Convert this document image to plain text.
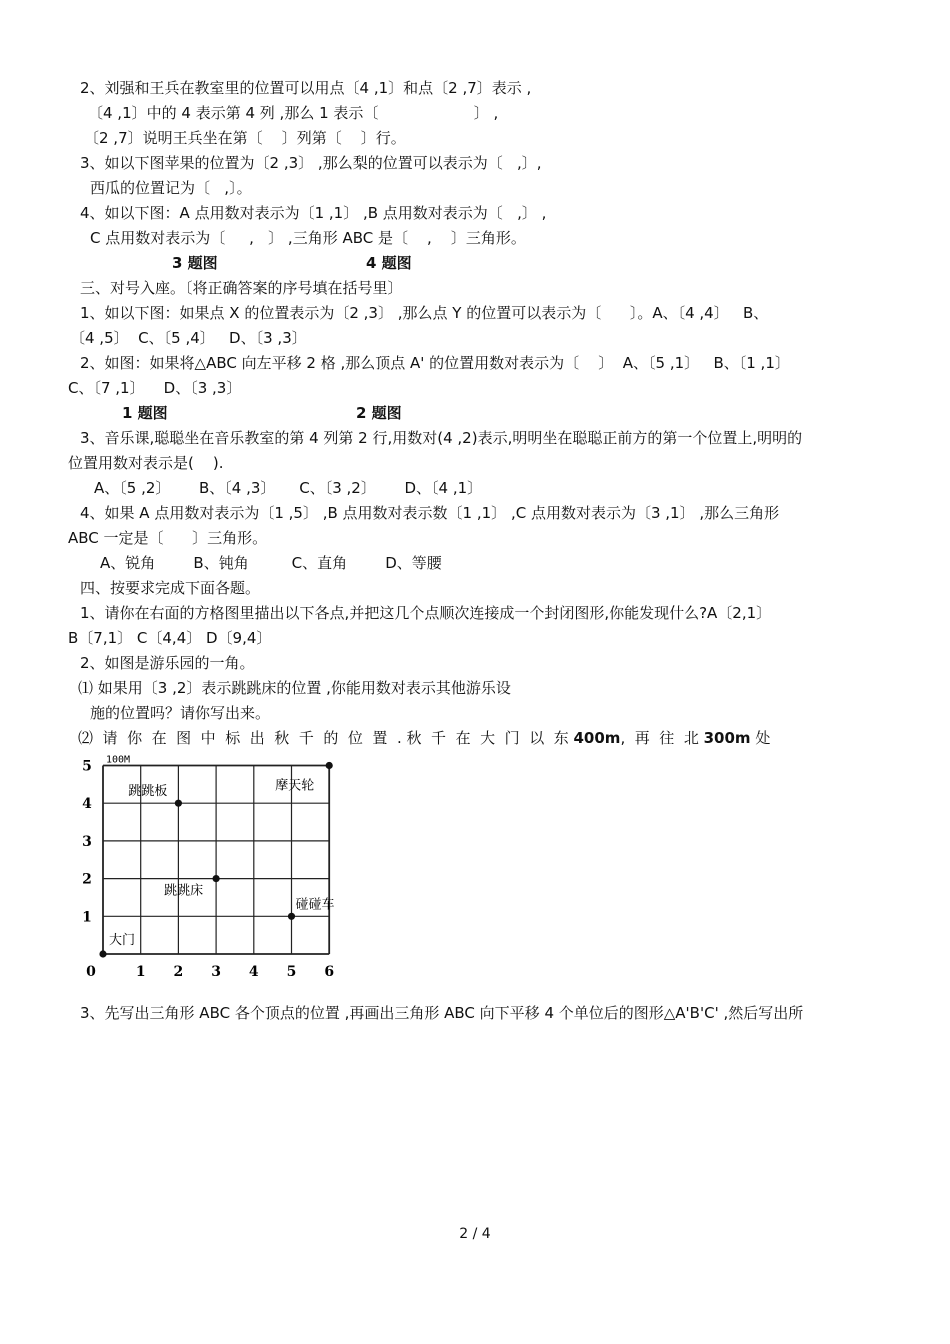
2、刘强和王兵在教室里的位置可以用点〔4 ,1〕和点〔2 ,7〕表示 ,
〔4 ,1〕中的 4 表示第 4 列 ,那么 1 表示〔                    〕 ,
〔2 ,7〕说明王兵坐在第〔    〕列第〔    〕行。
3、如以下图苹果的位置为〔2 ,3〕 ,那么梨的位置可以表示为〔   ,〕,
西瓜的位置记为〔   ,〕。
4、如以下图：A 点用数对表示为〔1 ,1〕 ,B 点用数对表示为〔   ,〕 ,
C 点用数对表示为〔     ,   〕 ,三角形 ABC 是〔    ,    〕三角形。
3 题图	4 题图
三、对号入座。〔将正确答案的序号填在括号里〕
1、如以下图：如果点 X 的位置表示为〔2 ,3〕 ,那么点 Y 的位置可以表示为〔      〕。A、〔4 ,4〕   B、
〔4 ,5〕  C、〔5 ,4〕   D、〔3 ,3〕
2、如图：如果将△ABC 向左平移 2 格 ,那么顶点 A' 的位置用数对表示为〔    〕  A、〔5 ,1〕   B、〔1 ,1〕
C、〔7 ,1〕    D、〔3 ,3〕
1 题图	2 题图
3、音乐课,聪聪坐在音乐教室的第 4 列第 2 行,用数对(4 ,2)表示,明明坐在聪聪正前方的第一个位置上,明明的
位置用数对表示是(    ).
A、〔5 ,2〕      B、〔4 ,3〕     C、〔3 ,2〕      D、〔4 ,1〕
4、如果 A 点用数对表示为〔1 ,5〕 ,B 点用数对表示数〔1 ,1〕 ,C 点用数对表示为〔3 ,1〕 ,那么三角形
ABC 一定是〔      〕三角形。
A、锐角        B、钝角         C、直角        D、等腰
四、按要求完成下面各题。
1、请你在右面的方格图里描出以下各点,并把这几个点顺次连接成一个封闭图形,你能发现什么?A〔2,1〕
B〔7,1〕 C〔4,4〕 D〔9,4〕
2、如图是游乐园的一角。
⑴ 如果用〔3 ,2〕表示跳跳床的位置 ,你能用数对表示其他游乐设
施的位置吗？请你写出来。
⑵  请  你  在  图  中  标  出  秋  千  的  位  置  . 秋  千  在  大  门  以  东 400m,  再  往  北 300m 处
0	1 2 3 4 5 6
1
2
3
4
5 100M
大门
跳跳板	摩天轮
跳跳床
碰碰车
3、先写出三角形 ABC 各个顶点的位置 ,再画出三角形 ABC 向下平移 4 个单位后的图形△A'B'C' ,然后写出所
2 / 4
